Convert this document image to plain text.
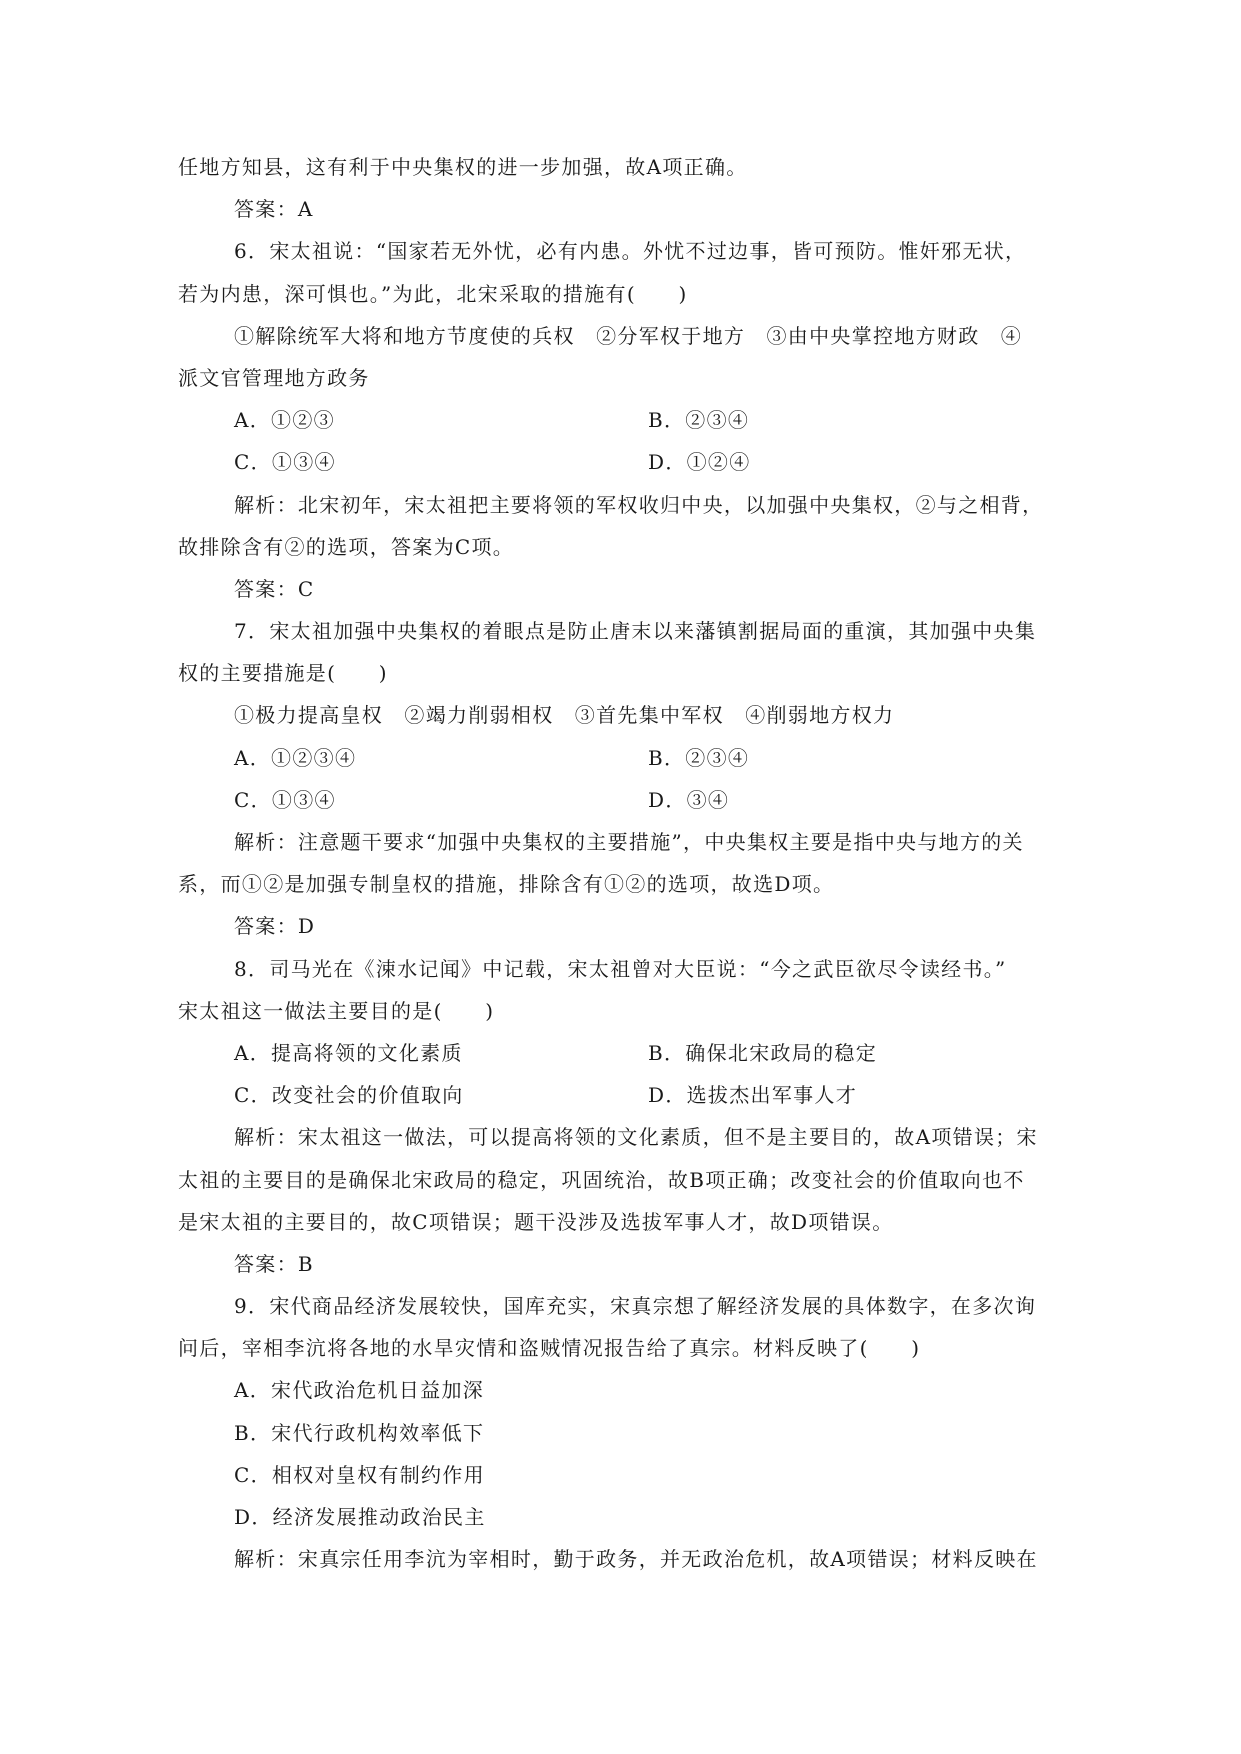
任地方知县，这有利于中央集权的进一步加强，故A项正确。
答案：A
6．宋太祖说：“国家若无外忧，必有内患。外忧不过边事，皆可预防。惟奸邪无状，
若为内患，深可惧也。”为此，北宋采取的措施有(　　)
①解除统军大将和地方节度使的兵权　②分军权于地方　③由中央掌控地方财政　④
派文官管理地方政务
A．①②③	B．②③④
C．①③④	D．①②④
解析：北宋初年，宋太祖把主要将领的军权收归中央，以加强中央集权，②与之相背，
故排除含有②的选项，答案为C项。
答案：C
7．宋太祖加强中央集权的着眼点是防止唐末以来藩镇割据局面的重演，其加强中央集
权的主要措施是(　　)
①极力提高皇权　②竭力削弱相权　③首先集中军权　④削弱地方权力
A．①②③④	B．②③④
C．①③④	D．③④
解析：注意题干要求“加强中央集权的主要措施”，中央集权主要是指中央与地方的关
系，而①②是加强专制皇权的措施，排除含有①②的选项，故选D项。
答案：D
8．司马光在《涑水记闻》中记载，宋太祖曾对大臣说：“今之武臣欲尽令读经书。”
宋太祖这一做法主要目的是(　　)
A．提高将领的文化素质	B．确保北宋政局的稳定
C．改变社会的价值取向	D．选拔杰出军事人才
解析：宋太祖这一做法，可以提高将领的文化素质，但不是主要目的，故A项错误；宋
太祖的主要目的是确保北宋政局的稳定，巩固统治，故B项正确；改变社会的价值取向也不
是宋太祖的主要目的，故C项错误；题干没涉及选拔军事人才，故D项错误。
答案：B
9．宋代商品经济发展较快，国库充实，宋真宗想了解经济发展的具体数字，在多次询
问后，宰相李沆将各地的水旱灾情和盗贼情况报告给了真宗。材料反映了(　　)
A．宋代政治危机日益加深
B．宋代行政机构效率低下
C．相权对皇权有制约作用
D．经济发展推动政治民主
解析：宋真宗任用李沆为宰相时，勤于政务，并无政治危机，故A项错误；材料反映在
